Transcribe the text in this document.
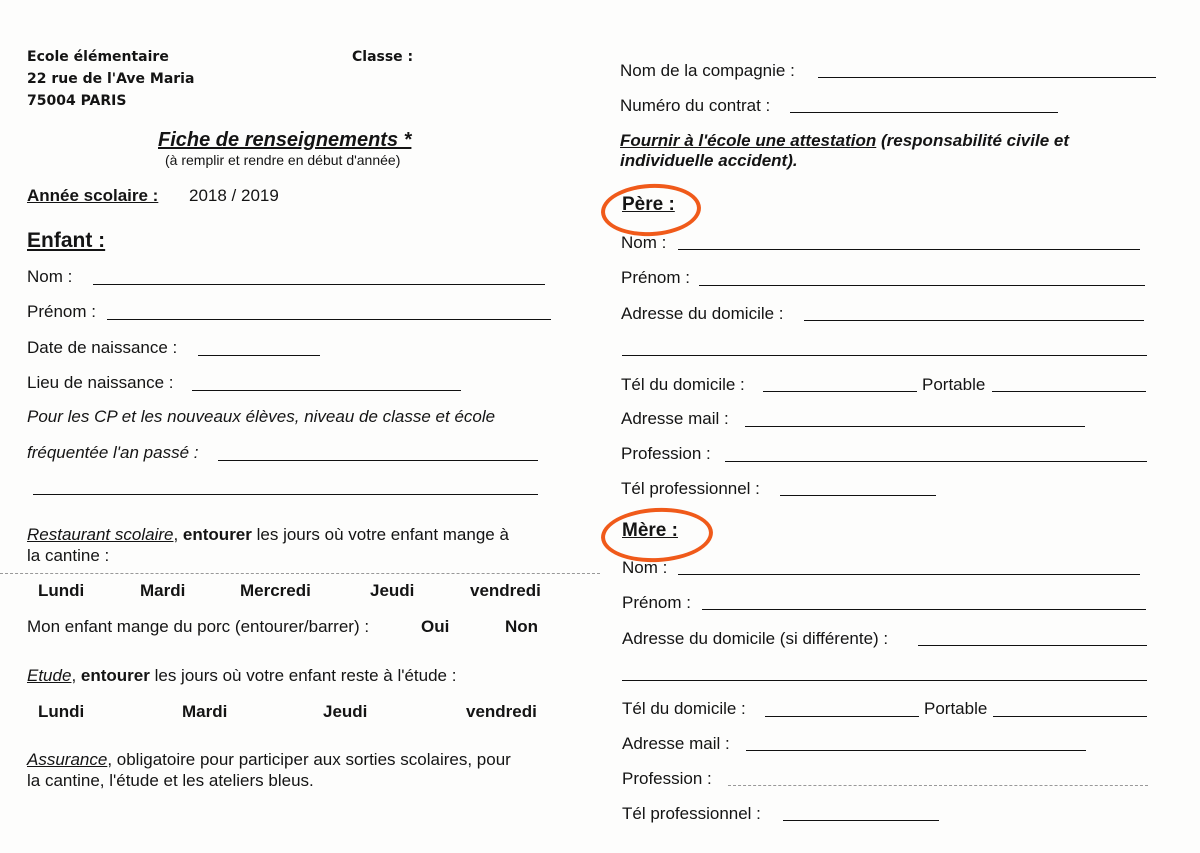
Ecole élémentaire
22 rue de l'Ave Maria
75004 PARIS
Classe :
Fiche de renseignements *
(à remplir et rendre en début d'année)
Année scolaire : 2018 / 2019
Enfant :
Nom :
Prénom :
Date de naissance :
Lieu de naissance :
Pour les CP et les nouveaux élèves, niveau de classe et école
fréquentée l'an passé :
Restaurant scolaire, entourer les jours où votre enfant mange à
la cantine :
Lundi	Mardi	Mercredi	Jeudi	vendredi
Mon enfant mange du porc (entourer/barrer) :	Oui	Non
Etude, entourer les jours où votre enfant reste à l'étude :
Lundi	Mardi	Jeudi	vendredi
Assurance, obligatoire pour participer aux sorties scolaires, pour
la cantine, l'étude et les ateliers bleus.
Nom de la compagnie :
Numéro du contrat :
Fournir à l'école une attestation (responsabilité civile et
individuelle accident).
Père :
Nom :
Prénom :
Adresse du domicile :
Tél du domicile :	Portable
Adresse mail :
Profession :
Tél professionnel :
Mère :
Nom :
Prénom :
Adresse du domicile (si différente) :
Tél du domicile :	Portable
Adresse mail :
Profession :
Tél professionnel :
